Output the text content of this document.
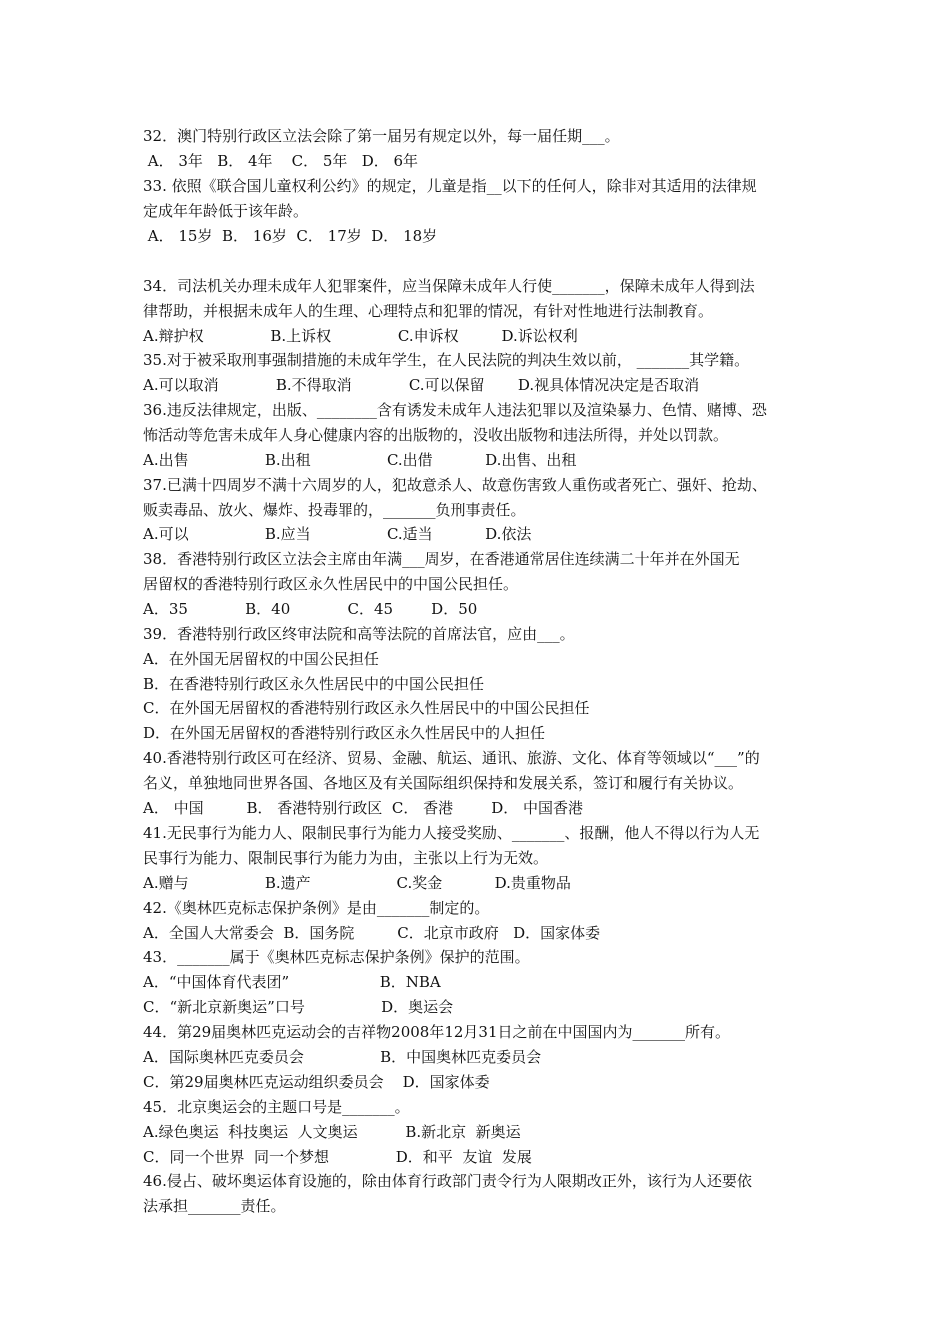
32．澳门特别行政区立法会除了第一届另有规定以外，每一届任期___。
A． 3年   B． 4年    C． 5年   D． 6年
33. 依照《联合国儿童权利公约》的规定，儿童是指__以下的任何人，除非对其适用的法律规
定成年年龄低于该年龄。
A． 15岁  B． 16岁  C． 17岁  D． 18岁
34．司法机关办理未成年人犯罪案件，应当保障未成年人行使_______，保障未成年人得到法
律帮助，并根据未成年人的生理、心理特点和犯罪的情况，有针对性地进行法制教育。
A.辩护权              B.上诉权              C.申诉权         D.诉讼权利
35.对于被采取刑事强制措施的未成年学生，在人民法院的判决生效以前， _______其学籍。
A.可以取消            B.不得取消            C.可以保留       D.视具体情况决定是否取消
36.违反法律规定，出版、________含有诱发未成年人违法犯罪以及渲染暴力、色情、赌博、恐
怖活动等危害未成年人身心健康内容的出版物的，没收出版物和违法所得，并处以罚款。
A.出售                B.出租                C.出借           D.出售、出租
37.已满十四周岁不满十六周岁的人，犯故意杀人、故意伤害致人重伤或者死亡、强奸、抢劫、
贩卖毒品、放火、爆炸、投毒罪的，_______负刑事责任。
A.可以                B.应当                C.适当           D.依法
38．香港特别行政区立法会主席由年满___周岁，在香港通常居住连续满二十年并在外国无
居留权的香港特别行政区永久性居民中的中国公民担任。
A．35            B．40            C．45        D．50
39．香港特别行政区终审法院和高等法院的首席法官，应由___。
A．在外国无居留权的中国公民担任
B．在香港特别行政区永久性居民中的中国公民担任
C．在外国无居留权的香港特别行政区永久性居民中的中国公民担任
D．在外国无居留权的香港特别行政区永久性居民中的人担任
40.香港特别行政区可在经济、贸易、金融、航运、通讯、旅游、文化、体育等领域以“___”的
名义，单独地同世界各国、各地区及有关国际组织保持和发展关系，签订和履行有关协议。
A． 中国         B． 香港特别行政区  C． 香港        D． 中国香港
41.无民事行为能力人、限制民事行为能力人接受奖励、_______、报酬，他人不得以行为人无
民事行为能力、限制民事行为能力为由，主张以上行为无效。
A.赠与                B.遗产                  C.奖金           D.贵重物品
42.《奥林匹克标志保护条例》是由_______制定的。
A．全国人大常委会  B．国务院         C．北京市政府   D．国家体委
43．_______属于《奥林匹克标志保护条例》保护的范围。
A．“中国体育代表团”                   B．NBA
C．“新北京新奥运”口号                D．奥运会
44．第29届奥林匹克运动会的吉祥物2008年12月31日之前在中国国内为_______所有。
A．国际奥林匹克委员会                B．中国奥林匹克委员会
C．第29届奥林匹克运动组织委员会    D．国家体委
45．北京奥运会的主题口号是_______。
A.绿色奥运  科技奥运  人文奥运          B.新北京  新奥运
C．同一个世界  同一个梦想              D．和平  友谊  发展
46.侵占、破坏奥运体育设施的，除由体育行政部门责令行为人限期改正外，该行为人还要依
法承担_______责任。
